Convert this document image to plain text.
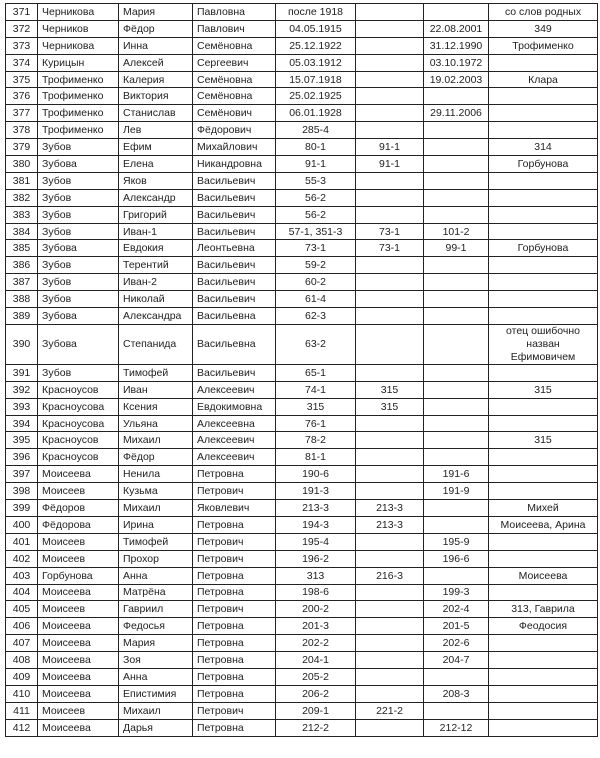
371	Черникова	Мария	Павловна	после 1918			со слов родных
372	Черников	Фёдор	Павлович	04.05.1915		22.08.2001	349
373	Черникова	Инна	Семёновна	25.12.1922		31.12.1990	Трофименко
374	Курицын	Алексей	Сергеевич	05.03.1912		03.10.1972	
375	Трофименко	Калерия	Семёновна	15.07.1918		19.02.2003	Клара
376	Трофименко	Виктория	Семёновна	25.02.1925			
377	Трофименко	Станислав	Семёнович	06.01.1928		29.11.2006	
378	Трофименко	Лев	Фёдорович	285-4			
379	Зубов	Ефим	Михайлович	80-1	91-1		314
380	Зубова	Елена	Никандровна	91-1	91-1		Горбунова
381	Зубов	Яков	Васильевич	55-3			
382	Зубов	Александр	Васильевич	56-2			
383	Зубов	Григорий	Васильевич	56-2			
384	Зубов	Иван-1	Васильевич	57-1, 351-3	73-1	101-2	
385	Зубова	Евдокия	Леонтьевна	73-1	73-1	99-1	Горбунова
386	Зубов	Терентий	Васильевич	59-2			
387	Зубов	Иван-2	Васильевич	60-2			
388	Зубов	Николай	Васильевич	61-4			
389	Зубова	Александра	Васильевна	62-3			
390	Зубова	Степанида	Васильевна	63-2			отец ошибочно назван Ефимовичем
391	Зубов	Тимофей	Васильевич	65-1			
392	Красноусов	Иван	Алексеевич	74-1	315		315
393	Красноусова	Ксения	Евдокимовна	315	315		
394	Красноусова	Ульяна	Алексеевна	76-1			
395	Красноусов	Михаил	Алексеевич	78-2			315
396	Красноусов	Фёдор	Алексеевич	81-1			
397	Моисеева	Ненила	Петровна	190-6		191-6	
398	Моисеев	Кузьма	Петрович	191-3		191-9	
399	Фёдоров	Михаил	Яковлевич	213-3	213-3		Михей
400	Фёдорова	Ирина	Петровна	194-3	213-3		Моисеева, Арина
401	Моисеев	Тимофей	Петрович	195-4		195-9	
402	Моисеев	Прохор	Петрович	196-2		196-6	
403	Горбунова	Анна	Петровна	313	216-3		Моисеева
404	Моисеева	Матрёна	Петровна	198-6		199-3	
405	Моисеев	Гавриил	Петрович	200-2		202-4	313, Гаврила
406	Моисеева	Федосья	Петровна	201-3		201-5	Феодосия
407	Моисеева	Мария	Петровна	202-2		202-6	
408	Моисеева	Зоя	Петровна	204-1		204-7	
409	Моисеева	Анна	Петровна	205-2			
410	Моисеева	Епистимия	Петровна	206-2		208-3	
411	Моисеев	Михаил	Петрович	209-1	221-2		
412	Моисеева	Дарья	Петровна	212-2		212-12	
